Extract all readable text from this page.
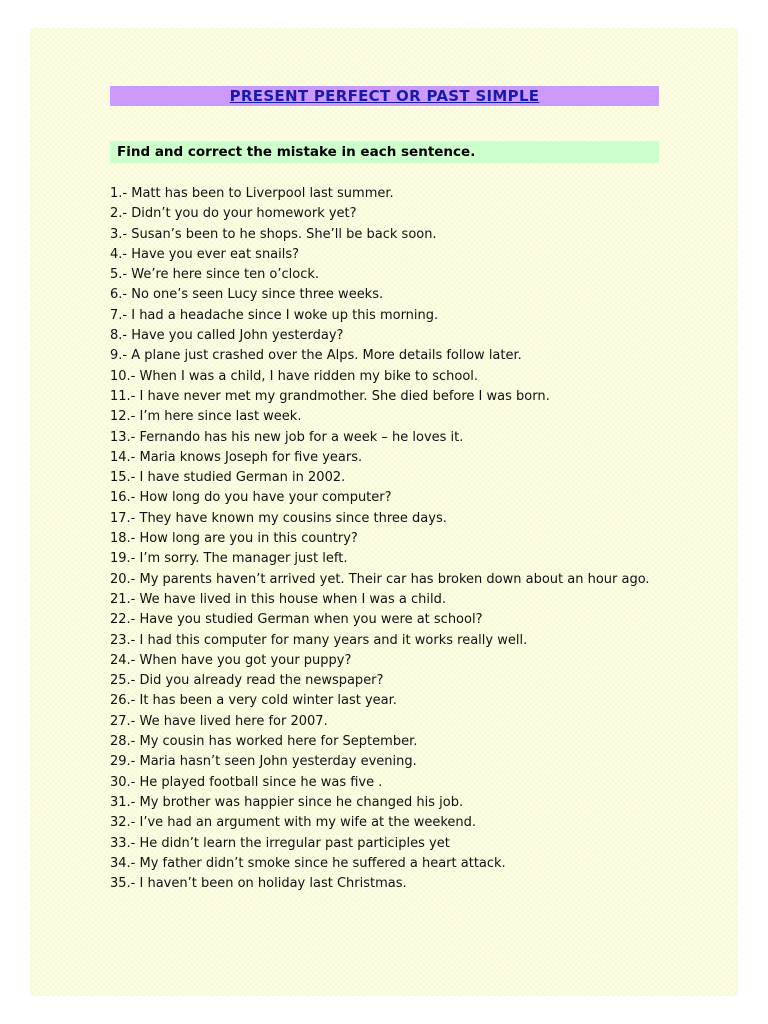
PRESENT PERFECT OR PAST SIMPLE
Find and correct the mistake in each sentence.
1.- Matt has been to Liverpool last summer.
2.- Didn’t you do your homework yet?
3.- Susan’s been to he shops. She’ll be back soon.
4.- Have you ever eat snails?
5.- We’re here since ten o’clock.
6.- No one’s seen Lucy since three weeks.
7.- I had a headache since I woke up this morning.
8.- Have you called John yesterday?
9.- A plane just crashed over the Alps. More details follow later.
10.- When I was a child, I have ridden my bike to school.
11.- I have never met my grandmother. She died before I was born.
12.- I’m here since last week.
13.- Fernando has his new job for a week – he loves it.
14.- Maria knows Joseph for five years.
15.- I have studied German in 2002.
16.- How long do you have your computer?
17.- They have known my cousins since three days.
18.- How long are you in this country?
19.- I’m sorry. The manager just left.
20.- My parents haven’t arrived yet. Their car has broken down about an hour ago.
21.- We have lived in this house when I was a child.
22.- Have you studied German when you were at school?
23.- I had this computer for many years and it works really well.
24.- When have you got your puppy?
25.- Did you already read the newspaper?
26.- It has been a very cold winter last year.
27.- We have lived here for 2007.
28.- My cousin has worked here for September.
29.- Maria hasn’t seen John yesterday evening.
30.- He played football since he was five .
31.- My brother was happier since he changed his job.
32.- I’ve had an argument with my wife at the weekend.
33.- He didn’t learn the irregular past participles yet
34.- My father didn’t smoke since he suffered a heart attack.
35.- I haven’t been on holiday last Christmas.
